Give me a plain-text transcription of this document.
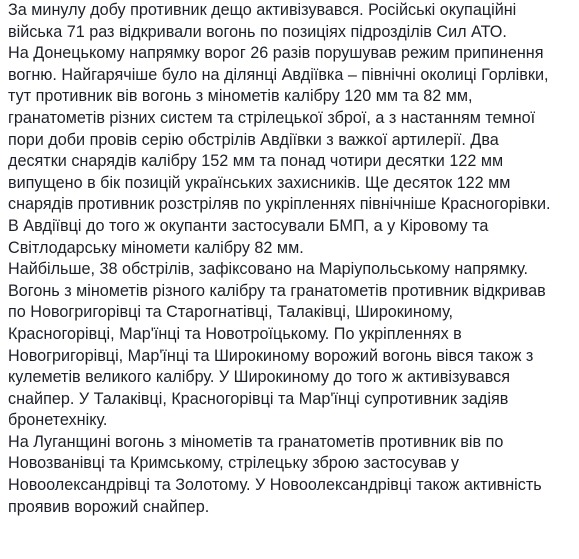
За минулу добу противник дещо активізувався. Російські окупаційні
війська 71 раз відкривали вогонь по позиціях підрозділів Сил АТО.
На Донецькому напрямку ворог 26 разів порушував режим припинення
вогню. Найгарячіше було на ділянці Авдіївка – північні околиці Горлівки,
тут противник вів вогонь з мінометів калібру 120 мм та 82 мм,
гранатометів різних систем та стрілецької зброї, а з настанням темної
пори доби провів серію обстрілів Авдіївки з важкої артилерії. Два
десятки снарядів калібру 152 мм та понад чотири десятки 122 мм
випущено в бік позицій українських захисників. Ще десяток 122 мм
снарядів противник розстріляв по укріпленнях північніше Красногорівки.
В Авдіївці до того ж окупанти застосували БМП, а у Кіровому та
Світлодарську міномети калібру 82 мм.
Найбільше, 38 обстрілів, зафіксовано на Маріупольському напрямку.
Вогонь з мінометів різного калібру та гранатометів противник відкривав
по Новогригорівці та Старогнатівці, Талаківці, Широкиному,
Красногорівці, Мар'їнці та Новотроїцькому. По укріпленнях в
Новогригорівці, Мар'їнці та Широкиному ворожий вогонь вівся також з
кулеметів великого калібру. У Широкиному до того ж активізувався
снайпер. У Талаківці, Красногорівці та Мар'їнці супротивник задіяв
бронетехніку.
На Луганщині вогонь з мінометів та гранатометів противник вів по
Новозванівці та Кримському, стрілецьку зброю застосував у
Новоолександрівці та Золотому. У Новоолександрівці також активність
проявив ворожий снайпер.
